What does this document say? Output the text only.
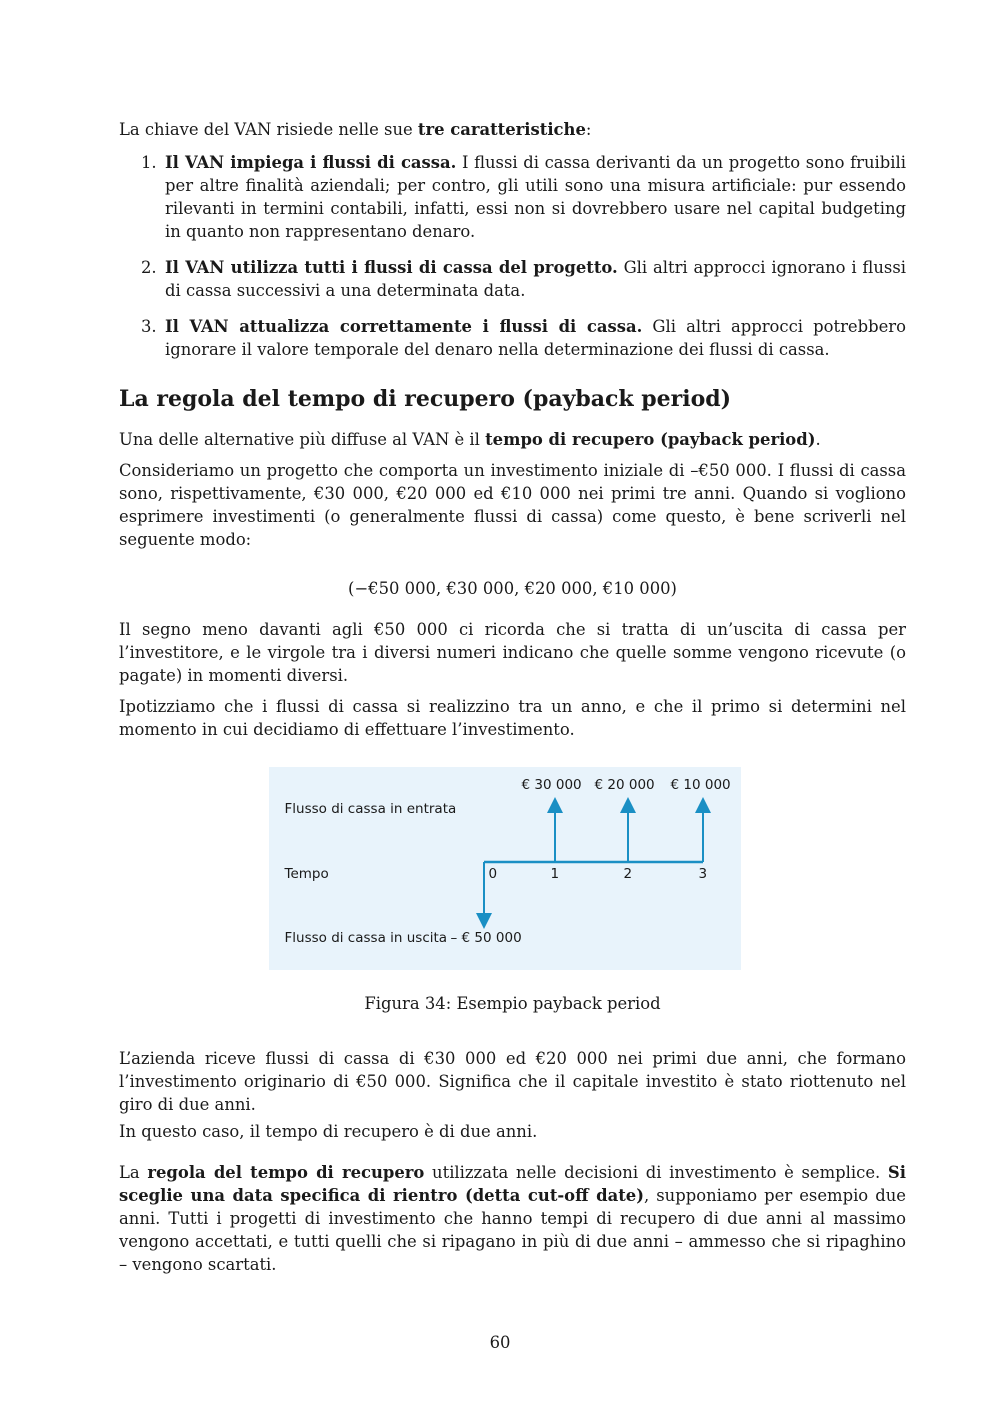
La chiave del VAN risiede nelle sue tre caratteristiche:

1. Il VAN impiega i flussi di cassa. I flussi di cassa derivanti da un progetto sono fruibili per altre finalità aziendali; per contro, gli utili sono una misura artificiale: pur essendo rilevanti in termini contabili, infatti, essi non si dovrebbero usare nel capital budgeting in quanto non rappresentano denaro.
2. Il VAN utilizza tutti i flussi di cassa del progetto. Gli altri approcci ignorano i flussi di cassa successivi a una determinata data.
3. Il VAN attualizza correttamente i flussi di cassa. Gli altri approcci potrebbero ignorare il valore temporale del denaro nella determinazione dei flussi di cassa.
La regola del tempo di recupero (payback period)

Una delle alternative più diffuse al VAN è il tempo di recupero (payback period).

Consideriamo un progetto che comporta un investimento iniziale di –€50 000. I flussi di cassa sono, rispettivamente, €30 000, €20 000 ed €10 000 nei primi tre anni. Quando si vogliono esprimere investimenti (o generalmente flussi di cassa) come questo, è bene scriverli nel seguente modo:

(−€50 000, €30 000, €20 000, €10 000)

Il segno meno davanti agli €50 000 ci ricorda che si tratta di un’uscita di cassa per l’investitore, e le virgole tra i diversi numeri indicano che quelle somme vengono ricevute (o pagate) in momenti diversi.

Ipotizziamo che i flussi di cassa si realizzino tra un anno, e che il primo si determini nel momento in cui decidiamo di effettuare l’investimento.

Flusso di cassa in entrata
Tempo
Flusso di cassa in uscita
0	1	2	3
€ 30 000 € 20 000 € 10 000
– € 50 000
Figura 34: Esempio payback period

L’azienda riceve flussi di cassa di €30 000 ed €20 000 nei primi due anni, che formano l’investimento originario di €50 000. Significa che il capitale investito è stato riottenuto nel giro di due anni.

In questo caso, il tempo di recupero è di due anni.

La regola del tempo di recupero utilizzata nelle decisioni di investimento è semplice. Si sceglie una data specifica di rientro (detta cut-off date), supponiamo per esempio due anni. Tutti i progetti di investimento che hanno tempi di recupero di due anni al massimo vengono accettati, e tutti quelli che si ripagano in più di due anni – ammesso che si ripaghino – vengono scartati.

60
